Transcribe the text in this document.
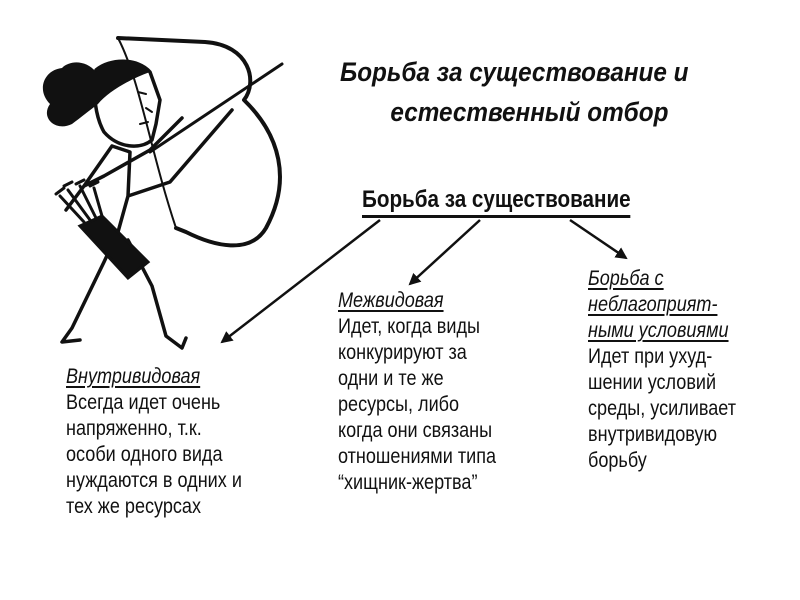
Борьба за существование и
естественный отбор
Борьба за существование
Внутривидовая
Всегда идет очень
напряженно, т.к.
особи одного вида
нуждаются в одних и
тех же ресурсах
Межвидовая
Идет, когда виды
конкурируют за
одни и те же
ресурсы, либо
когда они связаны
отношениями типа
“хищник-жертва”
Борьба с
неблагоприят-
ными условиями
Идет при ухуд-
шении условий
среды, усиливает
внутривидовую
борьбу
